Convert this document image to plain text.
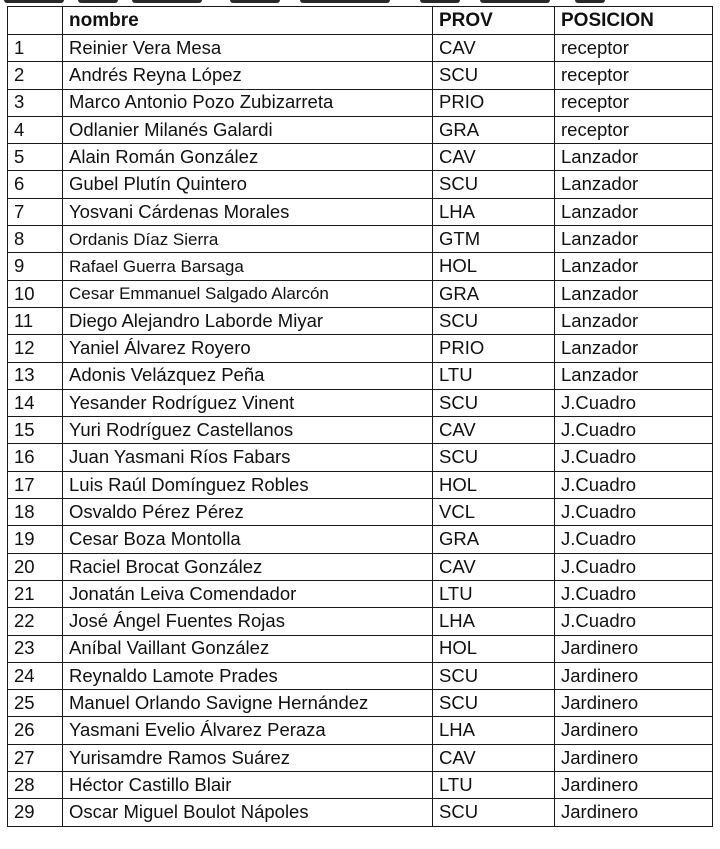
	nombre	PROV	POSICION
1	Reinier Vera Mesa	CAV	receptor
2	Andrés Reyna López	SCU	receptor
3	Marco Antonio Pozo Zubizarreta	PRIO	receptor
4	Odlanier Milanés Galardi	GRA	receptor
5	Alain Román González	CAV	Lanzador
6	Gubel Plutín Quintero	SCU	Lanzador
7	Yosvani Cárdenas Morales	LHA	Lanzador
8	Ordanis Díaz Sierra	GTM	Lanzador
9	Rafael Guerra Barsaga	HOL	Lanzador
10	Cesar Emmanuel Salgado Alarcón	GRA	Lanzador
11	Diego Alejandro Laborde Miyar	SCU	Lanzador
12	Yaniel Álvarez Royero	PRIO	Lanzador
13	Adonis Velázquez Peña	LTU	Lanzador
14	Yesander Rodríguez Vinent	SCU	J.Cuadro
15	Yuri Rodríguez Castellanos	CAV	J.Cuadro
16	Juan Yasmani Ríos Fabars	SCU	J.Cuadro
17	Luis Raúl Domínguez Robles	HOL	J.Cuadro
18	Osvaldo Pérez Pérez	VCL	J.Cuadro
19	Cesar Boza Montolla	GRA	J.Cuadro
20	Raciel Brocat González	CAV	J.Cuadro
21	Jonatán Leiva Comendador	LTU	J.Cuadro
22	José Ángel Fuentes Rojas	LHA	J.Cuadro
23	Aníbal Vaillant González	HOL	Jardinero
24	Reynaldo Lamote Prades	SCU	Jardinero
25	Manuel Orlando Savigne Hernández	SCU	Jardinero
26	Yasmani Evelio Álvarez Peraza	LHA	Jardinero
27	Yurisamdre Ramos Suárez	CAV	Jardinero
28	Héctor Castillo Blair	LTU	Jardinero
29	Oscar Miguel Boulot Nápoles	SCU	Jardinero
